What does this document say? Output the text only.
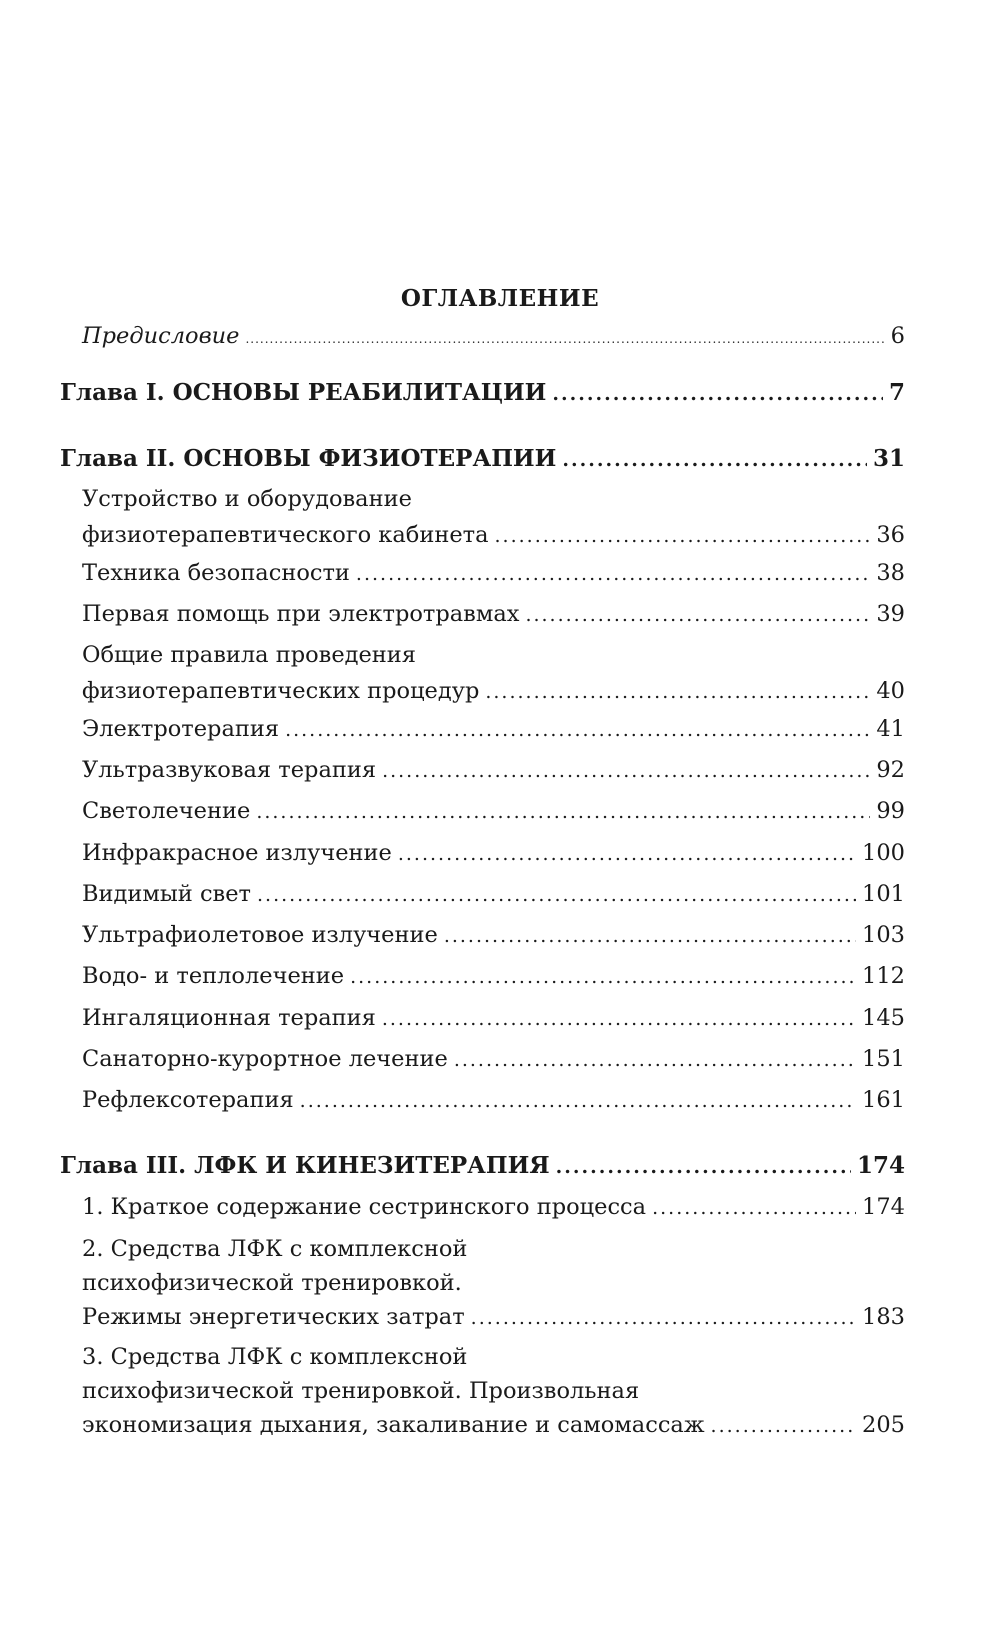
ОГЛАВЛЕНИЕ
Предисловие .....	6
Глава I. ОСНОВЫ РЕАБИЛИТАЦИИ .....	7
Глава II. ОСНОВЫ ФИЗИОТЕРАПИИ .....	31
Устройство и оборудование
физиотерапевтического кабинета .....	36
Техника безопасности .....	38
Первая помощь при электротравмах .....	39
Общие правила проведения
физиотерапевтических процедур .....	40
Электротерапия .....	41
Ультразвуковая терапия .....	92
Светолечение .....	99
Инфракрасное излучение .....	100
Видимый свет .....	101
Ультрафиолетовое излучение .....	103
Водо- и теплолечение .....	112
Ингаляционная терапия .....	145
Санаторно-курортное лечение .....	151
Рефлексотерапия .....	161
Глава III. ЛФК И КИНЕЗИТЕРАПИЯ .....	174
1. Краткое содержание сестринского процесса .....	174
2. Средства ЛФК с комплексной
психофизической тренировкой.
Режимы энергетических затрат .....	183
3. Средства ЛФК с комплексной
психофизической тренировкой. Произвольная
экономизация дыхания, закаливание и самомассаж .....	205
